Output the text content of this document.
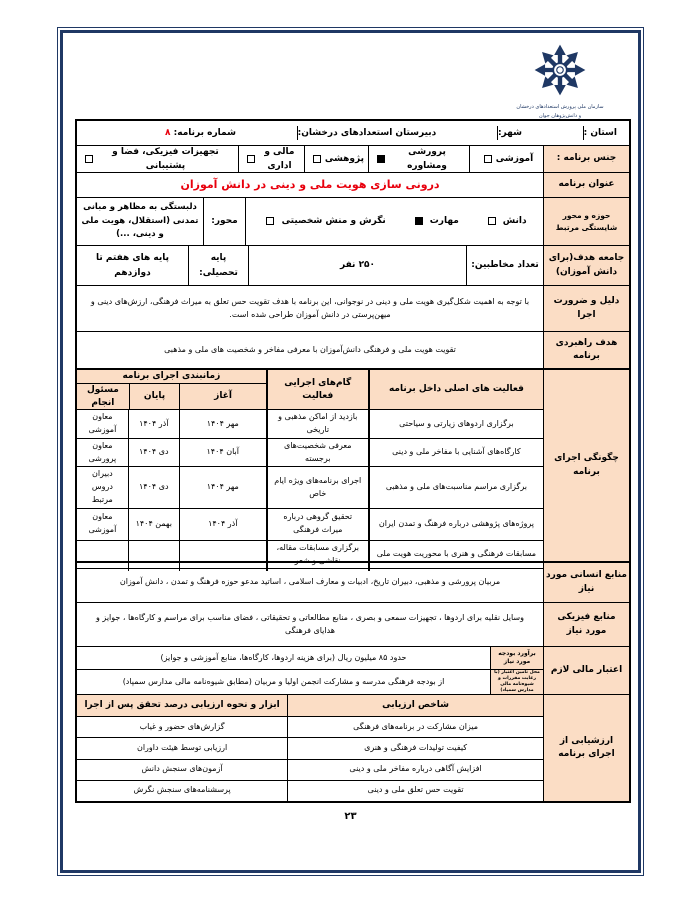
سازمان ملی پرورش استعدادهای درخشان
و دانش‌پژوهان جوان
استان :
شهر:
دبیرستان استعدادهای درخشان:
شماره برنامه: ۸
جنس برنامه :
آموزشی
پرورشی ومشاوره
پژوهشی
مالی و اداری
تجهیزات فیزیکی، فضا و پشتیبانی
عنوان برنامه
درونی سازی هویت ملی و دینی در دانش آموزان
حوزه و محور شایستگی مرتبط
دانش
مهارت
نگرش و منش شخصیتی
محور:
دلبستگی به مظاهر و مبانی تمدنی (استقلال، هویت ملی و دینی، ...)
جامعه هدف(برای دانش آموزان)
تعداد مخاطبین:
۲۵۰ نفر
پایه تحصیلی:
پایه های هفتم تا دوازدهم
دلیل و ضرورت اجرا
با توجه به اهمیت شکل‌گیری هویت ملی و دینی در نوجوانی، این برنامه با هدف تقویت حس تعلق به میراث فرهنگی، ارزش‌های دینی و میهن‌پرستی در دانش آموزان طراحی شده است.
هدف راهبردی برنامه
تقویت هویت ملی و فرهنگی دانش‌آموزان با معرفی مفاخر و شخصیت های ملی و مذهبی
چگونگی اجرای برنامه
فعالیت های اصلی داخل برنامه
گام‌های اجرایی فعالیت
زمانبندی اجرای برنامه
آغاز
پایان
مسئول انجام
برگزاری اردوهای زیارتی و سیاحتی
بازدید از اماکن مذهبی و تاریخی
مهر ۱۴۰۴
آذر ۱۴۰۴
معاون آموزشی
کارگاه‌های آشنایی با مفاخر ملی و دینی
معرفی شخصیت‌های برجسته
آبان ۱۴۰۴
دی ۱۴۰۴
معاون پرورشی
برگزاری مراسم مناسبت‌های ملی و مذهبی
اجرای برنامه‌های ویژه ایام خاص
مهر ۱۴۰۴
دی ۱۴۰۴
دبیران دروس مرتبط
پروژه‌های پژوهشی درباره فرهنگ و تمدن ایران
تحقیق گروهی درباره میراث فرهنگی
آذر ۱۴۰۴
بهمن ۱۴۰۴
معاون آموزشی
مسابقات فرهنگی و هنری با محوریت هویت ملی
برگزاری مسابقات مقاله، نقاشی و شعر
منابع انسانی مورد نیاز
مربیان پرورشی و مذهبی، دبیران تاریخ، ادبیات و معارف اسلامی ، اساتید مدعو حوزه فرهنگ و تمدن ، دانش آموزان
منابع فیزیکی مورد نیاز
وسایل نقلیه برای اردوها ، تجهیزات سمعی و بصری ، منابع مطالعاتی و تحقیقاتی ، فضای مناسب برای مراسم و کارگاه‌ها ، جوایز و هدایای فرهنگی
اعتبار مالی لازم
برآورد بودجه مورد نیاز
حدود ۸۵ میلیون ریال (برای هزینه اردوها، کارگاه‌ها، منابع آموزشی و جوایز)
محل تامین اعتبار (با رعایت مقررات و شیوه‌نامه مالی مدارس سمپاد)
از بودجه فرهنگی مدرسه و مشارکت انجمن اولیا و مربیان (مطابق شیوه‌نامه مالی مدارس سمپاد)
ارزشیابی از اجرای برنامه
شاخص ارزیابی
ابزار و نحوه ارزیابی درصد تحقق پس از اجرا
میزان مشارکت در برنامه‌های فرهنگی
گزارش‌های حضور و غیاب
کیفیت تولیدات فرهنگی و هنری
ارزیابی توسط هیئت داوران
افزایش آگاهی درباره مفاخر ملی و دینی
آزمون‌های سنجش دانش
تقویت حس تعلق ملی و دینی
پرسشنامه‌های سنجش نگرش
۲۳
